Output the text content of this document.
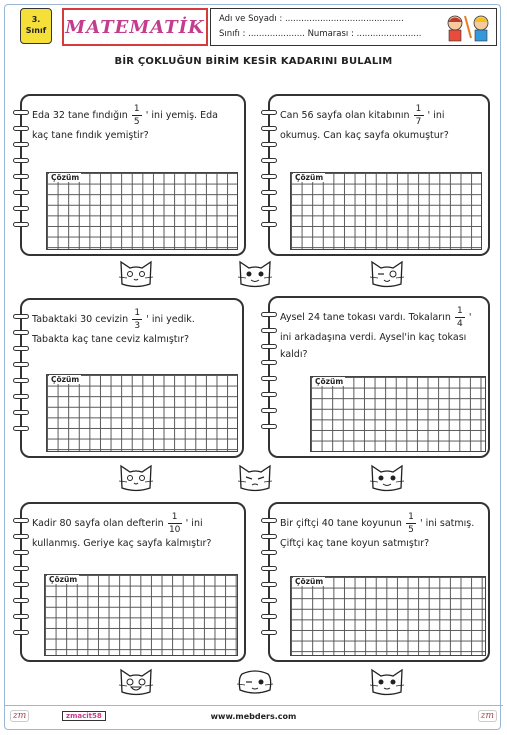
3.
Sınıf MATEMATİK Adı ve Soyadı : ............................................
Sınıfı : ..................... Numarası : ........................
BİR ÇOKLUĞUN BİRİM KESİR KADARINI BULALIM
Eda 32 tane fındığın $\frac{1}{5}$ ' ini yemiş. Eda kaç tane fındık yemiştir?
Çözüm
Can 56 sayfa olan kitabının $\frac{1}{7}$ ' ini okumuş. Can kaç sayfa okumuştur?
Çözüm
Tabaktaki 30 cevizin $\frac{1}{3}$ ' ini yedik. Tabakta kaç tane ceviz kalmıştır?
Çözüm
Aysel 24 tane tokası vardı. Tokaların $\frac{1}{4}$ ' ini arkadaşına verdi. Aysel'in kaç tokası kaldı?
Çözüm
Kadir 80 sayfa olan defterin $\frac{1}{10}$ ' ini kullanmış. Geriye kaç sayfa kalmıştır?
Çözüm
Bir çiftçi 40 tane koyunun $\frac{1}{5}$ ' ini satmış. Çiftçi kaç tane koyun satmıştır?
Çözüm
zm	zmacit58	www.mebders.com	zm
